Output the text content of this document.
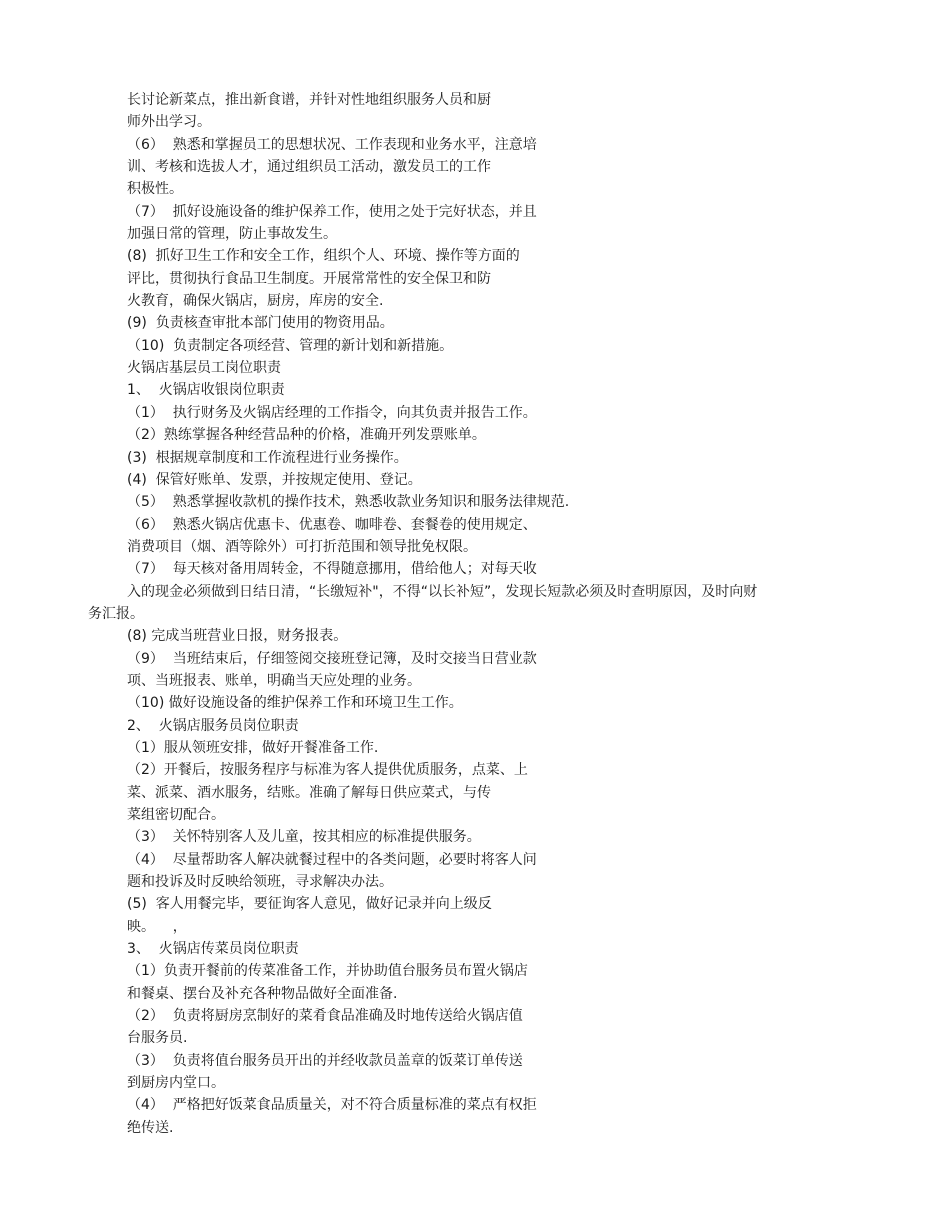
长讨论新菜点，推出新食谱，并针对性地组织服务人员和厨
师外出学习。
（6）  熟悉和掌握员工的思想状况、工作表现和业务水平，注意培
训、考核和选拔人才，通过组织员工活动，激发员工的工作
积极性。
（7）  抓好设施设备的维护保养工作，使用之处于完好状态，并且
加强日常的管理，防止事故发生。
(8)  抓好卫生工作和安全工作，组织个人、环境、操作等方面的
评比，贯彻执行食品卫生制度。开展常常性的安全保卫和防
火教育，确保火锅店，厨房，库房的安全.
(9)  负责核查审批本部门使用的物资用品。
（10)  负责制定各项经营、管理的新计划和新措施。
火锅店基层员工岗位职责
1、  火锅店收银岗位职责
（1）  执行财务及火锅店经理的工作指令，向其负责并报告工作。
（2）熟练掌握各种经营品种的价格，准确开列发票账单。
(3)  根据规章制度和工作流程进行业务操作。
(4)  保管好账单、发票，并按规定使用、登记。
（5）  熟悉掌握收款机的操作技术，熟悉收款业务知识和服务法律规范.
（6）  熟悉火锅店优惠卡、优惠卷、咖啡卷、套餐卷的使用规定、
消费项目（烟、酒等除外）可打折范围和领导批免权限。
（7）  每天核对备用周转金，不得随意挪用，借给他人；对每天收
入的现金必须做到日结日清，“长缴短补"，不得“以长补短”，发现长短款必须及时查明原因，及时向财
务汇报。
(8) 完成当班营业日报，财务报表。
（9）  当班结束后，仔细签阅交接班登记簿，及时交接当日营业款
项、当班报表、账单，明确当天应处理的业务。
（10) 做好设施设备的维护保养工作和环境卫生工作。
2、  火锅店服务员岗位职责
（1）服从领班安排，做好开餐准备工作.
（2）开餐后，按服务程序与标准为客人提供优质服务，点菜、上
菜、派菜、酒水服务，结账。准确了解每日供应菜式，与传
菜组密切配合。
（3）  关怀特别客人及儿童，按其相应的标准提供服务。
（4）  尽量帮助客人解决就餐过程中的各类问题，必要时将客人问
题和投诉及时反映给领班，寻求解决办法。
(5)  客人用餐完毕，要征询客人意见，做好记录并向上级反
映。    ，
3、  火锅店传菜员岗位职责
（1）负责开餐前的传菜准备工作，并协助值台服务员布置火锅店
和餐桌、摆台及补充各种物品做好全面准备.
（2）  负责将厨房烹制好的菜肴食品准确及时地传送给火锅店值
台服务员.
（3）  负责将值台服务员开出的并经收款员盖章的饭菜订单传送
到厨房内堂口。
（4）  严格把好饭菜食品质量关，对不符合质量标准的菜点有权拒
绝传送.
